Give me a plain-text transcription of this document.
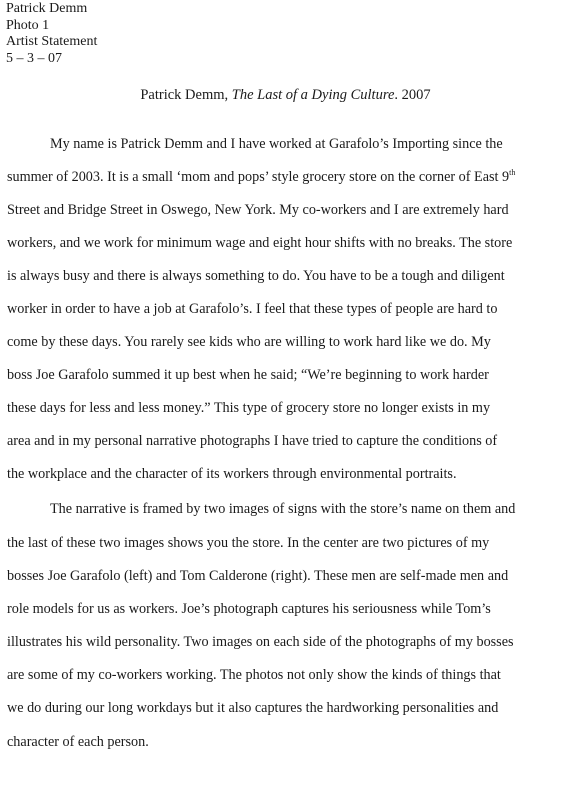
Patrick Demm
Photo 1
Artist Statement
5 – 3 – 07
Patrick Demm, The Last of a Dying Culture. 2007
My name is Patrick Demm and I have worked at Garafolo’s Importing since the
summer of 2003. It is a small ‘mom and pops’ style grocery store on the corner of East 9th
Street and Bridge Street in Oswego, New York. My co-workers and I are extremely hard
workers, and we work for minimum wage and eight hour shifts with no breaks. The store
is always busy and there is always something to do. You have to be a tough and diligent
worker in order to have a job at Garafolo’s. I feel that these types of people are hard to
come by these days. You rarely see kids who are willing to work hard like we do. My
boss Joe Garafolo summed it up best when he said; “We’re beginning to work harder
these days for less and less money.” This type of grocery store no longer exists in my
area and in my personal narrative photographs I have tried to capture the conditions of
the workplace and the character of its workers through environmental portraits.
The narrative is framed by two images of signs with the store’s name on them and
the last of these two images shows you the store. In the center are two pictures of my
bosses Joe Garafolo (left) and Tom Calderone (right). These men are self-made men and
role models for us as workers. Joe’s photograph captures his seriousness while Tom’s
illustrates his wild personality. Two images on each side of the photographs of my bosses
are some of my co-workers working. The photos not only show the kinds of things that
we do during our long workdays but it also captures the hardworking personalities and
character of each person.
